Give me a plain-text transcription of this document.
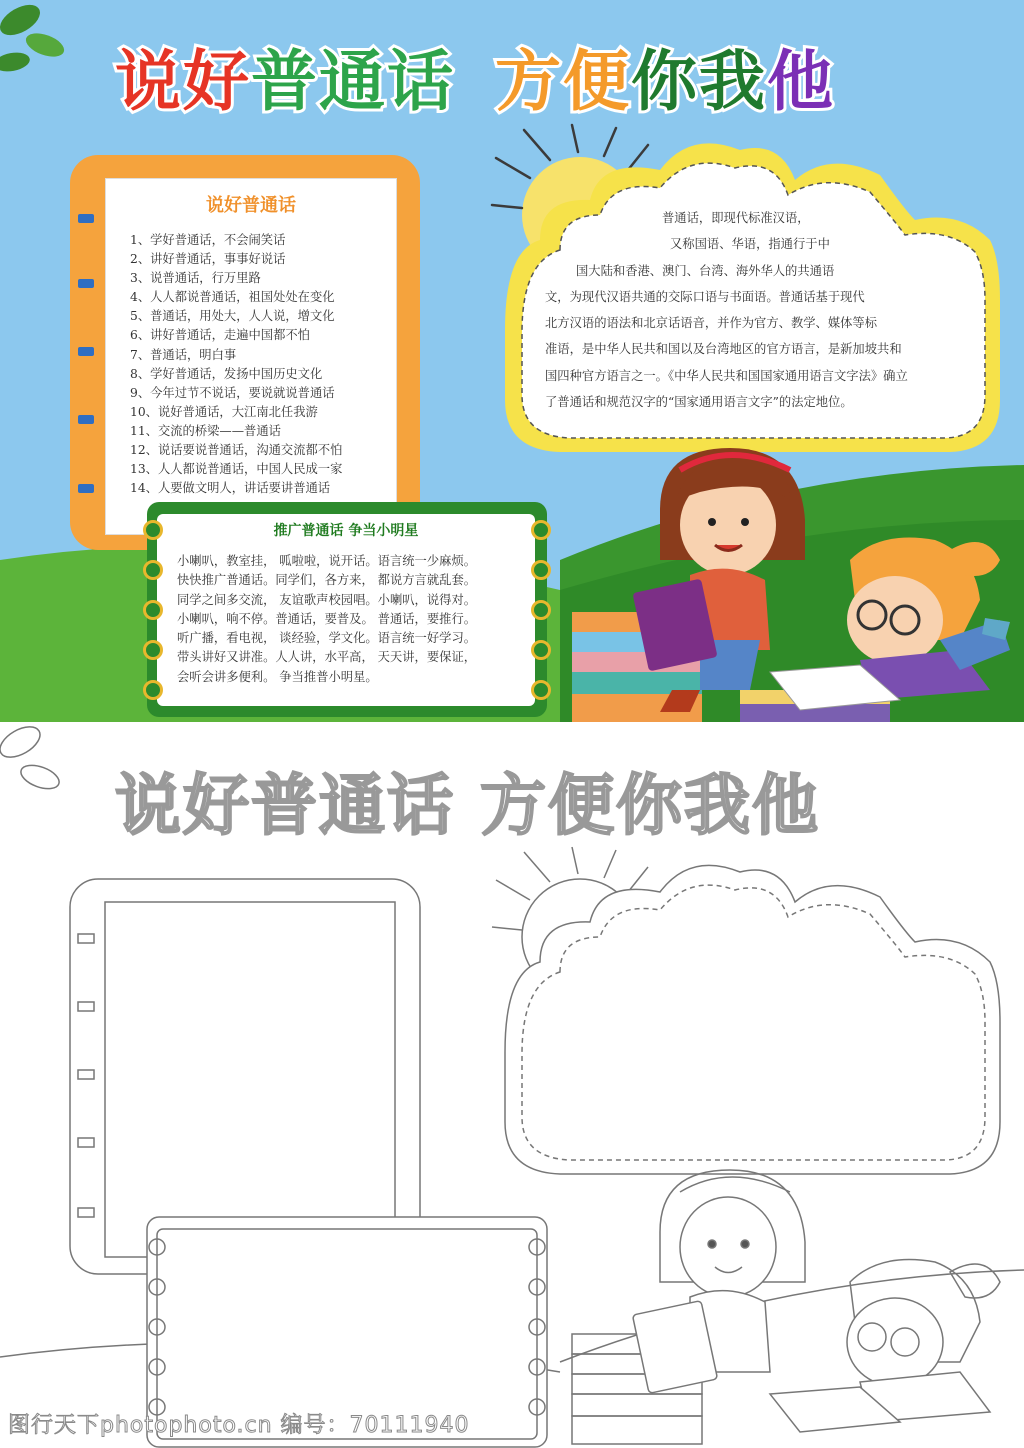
说好普通话 方便你我他
说好普通话
1、学好普通话，不会闹笑话
2、讲好普通话，事事好说话
3、说普通话，行万里路
4、人人都说普通话，祖国处处在变化
5、普通话，用处大，人人说，增文化
6、讲好普通话，走遍中国都不怕
7、普通话，明白事
8、学好普通话，发扬中国历史文化
9、今年过节不说话，要说就说普通话
10、说好普通话，大江南北任我游
11、交流的桥梁——普通话
12、说话要说普通话，沟通交流都不怕
13、人人都说普通话，中国人民成一家
14、人要做文明人，讲话要讲普通话

普通话，即现代标准汉语，

又称国语、华语，指通行于中

国大陆和香港、澳门、台湾、海外华人的共通语

文，为现代汉语共通的交际口语与书面语。普通话基于现代

北方汉语的语法和北京话语音，并作为官方、教学、媒体等标

准语，是中华人民共和国以及台湾地区的官方语言，是新加坡共和

国四种官方语言之一。《中华人民共和国国家通用语言文字法》确立

了普通话和规范汉字的“国家通用语言文字”的法定地位。

推广普通话 争当小明星
小喇叭，教室挂， 呱啦啦，说开话。语言统一少麻烦。
快快推广普通话。同学们，各方来， 都说方言就乱套。
同学之间多交流， 友谊歌声校园唱。小喇叭，说得对。
小喇叭，响不停。普通话，要普及。 普通话，要推行。
听广播，看电视， 谈经验，学文化。语言统一好学习。
带头讲好又讲准。人人讲，水平高， 天天讲，要保证，
会听会讲多便利。 争当推普小明星。
说好普通话 方便你我他
图行天下photophoto.cn 编号：70111940
